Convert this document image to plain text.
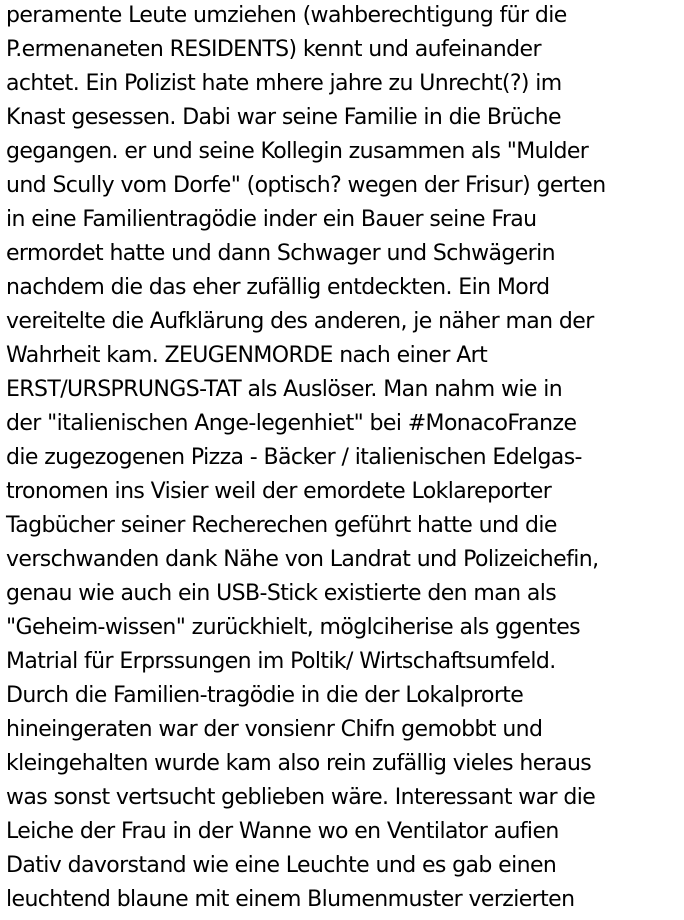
peramente Leute umziehen (wahberechtigung für die
P.ermenaneten RESIDENTS) kennt und aufeinander
achtet. Ein Polizist hate mhere jahre zu Unrecht(?) im
Knast gesessen. Dabi war seine Familie in die Brüche
gegangen. er und seine Kollegin zusammen als "Mulder
und Scully vom Dorfe" (optisch? wegen der Frisur) gerten
in eine Familientragödie inder ein Bauer seine Frau
ermordet hatte und dann Schwager und Schwägerin
nachdem die das eher zufällig entdeckten. Ein Mord
vereitelte die Aufklärung des anderen, je näher man der
Wahrheit kam. ZEUGENMORDE nach einer Art
ERST/URSPRUNGS-TAT als Auslöser. Man nahm wie in
der "italienischen Ange-legenhiet" bei #MonacoFranze
die zugezogenen Pizza - Bäcker / italienischen Edelgas-
tronomen ins Visier weil der emordete Loklareporter
Tagbücher seiner Recherechen geführt hatte und die
verschwanden dank Nähe von Landrat und Polizeichefin,
genau wie auch ein USB-Stick existierte den man als
"Geheim-wissen" zurückhielt, möglciherise als ggentes
Matrial für Erprssungen im Poltik/ Wirtschaftsumfeld.
Durch die Familien-tragödie in die der Lokalprorte
hineingeraten war der vonsienr Chifn gemobbt und
kleingehalten wurde kam also rein zufällig vieles heraus
was sonst vertsucht geblieben wäre. Interessant war die
Leiche der Frau in der Wanne wo en Ventilator aufien
Dativ davorstand wie eine Leuchte und es gab einen
leuchtend blaune mit einem Blumenmuster verzierten
